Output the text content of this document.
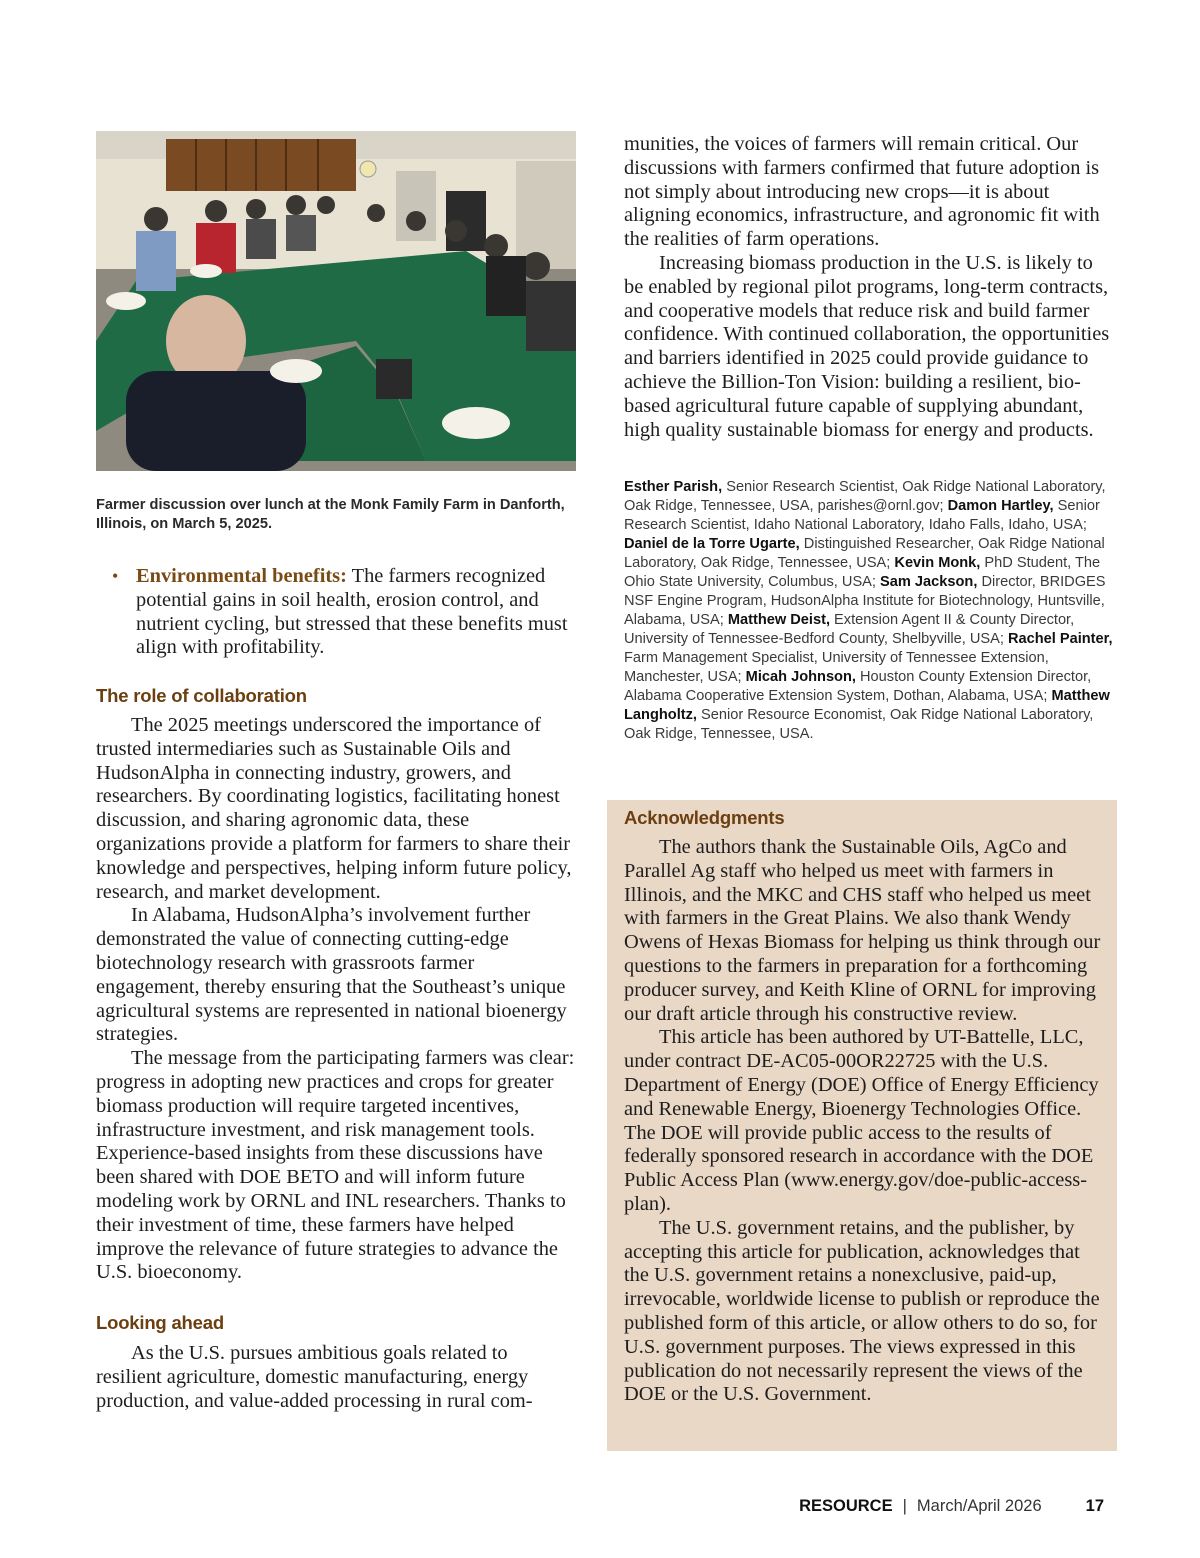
Farmer discussion over lunch at the Monk Family Farm in Danforth, Illinois, on March 5, 2025.
• Environmental benefits: The farmers recognized potential gains in soil health, erosion control, and nutrient cycling, but stressed that these benefits must align with profitability.
The role of collaboration

The 2025 meetings underscored the importance of trusted intermediaries such as Sustainable Oils and HudsonAlpha in connecting industry, growers, and researchers. By coordinating logistics, facilitating honest discussion, and sharing agronomic data, these organizations provide a platform for farmers to share their knowledge and perspectives, helping inform future policy, research, and market development.

In Alabama, HudsonAlpha’s involvement further demonstrated the value of connecting cutting-edge biotechnology research with grassroots farmer engagement, thereby ensuring that the Southeast’s unique agricultural systems are represented in national bioenergy strategies.

The message from the participating farmers was clear: progress in adopting new practices and crops for greater biomass production will require targeted incentives, infrastructure investment, and risk management tools. Experience-based insights from these discussions have been shared with DOE BETO and will inform future modeling work by ORNL and INL researchers. Thanks to their investment of time, these farmers have helped improve the relevance of future strategies to advance the U.S. bioeconomy.

Looking ahead

As the U.S. pursues ambitious goals related to resilient agriculture, domestic manufacturing, energy production, and value-added processing in rural com-

munities, the voices of farmers will remain critical. Our discussions with farmers confirmed that future adoption is not simply about introducing new crops—it is about aligning economics, infrastructure, and agronomic fit with the realities of farm operations.

Increasing biomass production in the U.S. is likely to be enabled by regional pilot programs, long-term contracts, and cooperative models that reduce risk and build farmer confidence. With continued collaboration, the opportunities and barriers identified in 2025 could provide guidance to achieve the Billion-Ton Vision: building a resilient, bio-based agricultural future capable of supplying abundant, high quality sustainable biomass for energy and products.

Esther Parish, Senior Research Scientist, Oak Ridge National Laboratory, Oak Ridge, Tennessee, USA, parishes@ornl.gov; Damon Hartley, Senior Research Scientist, Idaho National Laboratory, Idaho Falls, Idaho, USA; Daniel de la Torre Ugarte, Distinguished Researcher, Oak Ridge National Laboratory, Oak Ridge, Tennessee, USA; Kevin Monk, PhD Student, The Ohio State University, Columbus, USA; Sam Jackson, Director, BRIDGES NSF Engine Program, HudsonAlpha Institute for Biotechnology, Huntsville, Alabama, USA; Matthew Deist, Extension Agent II & County Director, University of Tennessee-Bedford County, Shelbyville, USA; Rachel Painter, Farm Management Specialist, University of Tennessee Extension, Manchester, USA; Micah Johnson, Houston County Extension Director, Alabama Cooperative Extension System, Dothan, Alabama, USA; Matthew Langholtz, Senior Resource Economist, Oak Ridge National Laboratory, Oak Ridge, Tennessee, USA.
Acknowledgments

The authors thank the Sustainable Oils, AgCo and Parallel Ag staff who helped us meet with farmers in Illinois, and the MKC and CHS staff who helped us meet with farmers in the Great Plains. We also thank Wendy Owens of Hexas Biomass for helping us think through our questions to the farmers in preparation for a forthcoming producer survey, and Keith Kline of ORNL for improving our draft article through his constructive review.

This article has been authored by UT-Battelle, LLC, under contract DE-AC05-00OR22725 with the U.S. Department of Energy (DOE) Office of Energy Efficiency and Renewable Energy, Bioenergy Technologies Office. The DOE will provide public access to the results of federally sponsored research in accordance with the DOE Public Access Plan (www.energy.gov/doe-public-access-plan).

The U.S. government retains, and the publisher, by accepting this article for publication, acknowledges that the U.S. government retains a nonexclusive, paid-up, irrevocable, worldwide license to publish or reproduce the published form of this article, or allow others to do so, for U.S. government purposes. The views expressed in this publication do not necessarily represent the views of the DOE or the U.S. Government.

RESOURCE | March/April 2026	17
